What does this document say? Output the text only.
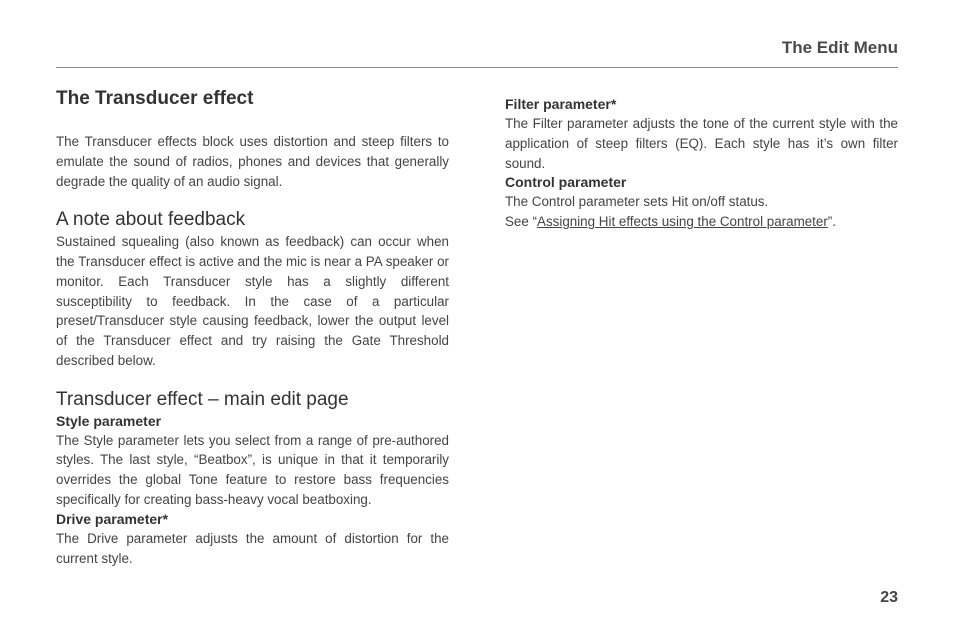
The Edit Menu
The Transducer effect

The Transducer effects block uses distortion and steep filters to emulate the sound of radios, phones and devices that generally degrade the quality of an audio signal.

A note about feedback

Sustained squealing (also known as feedback) can occur when the Transducer effect is active and the mic is near a PA speaker or monitor. Each Transducer style has a slightly different susceptibility to feedback. In the case of a particular preset/Transducer style causing feedback, lower the output level of the Transducer effect and try raising the Gate Threshold described below.

Transducer effect – main edit page
Style parameter

The Style parameter lets you select from a range of pre-authored styles. The last style, “Beatbox”, is unique in that it temporarily overrides the global Tone feature to restore bass frequencies specifically for creating bass-heavy vocal beatboxing.

Drive parameter*

The Drive parameter adjusts the amount of distortion for the current style.

Filter parameter*

The Filter parameter adjusts the tone of the current style with the application of steep filters (EQ). Each style has it’s own filter sound.

Control parameter

The Control parameter sets Hit on/off status.

See “Assigning Hit effects using the Control parameter”.

23
